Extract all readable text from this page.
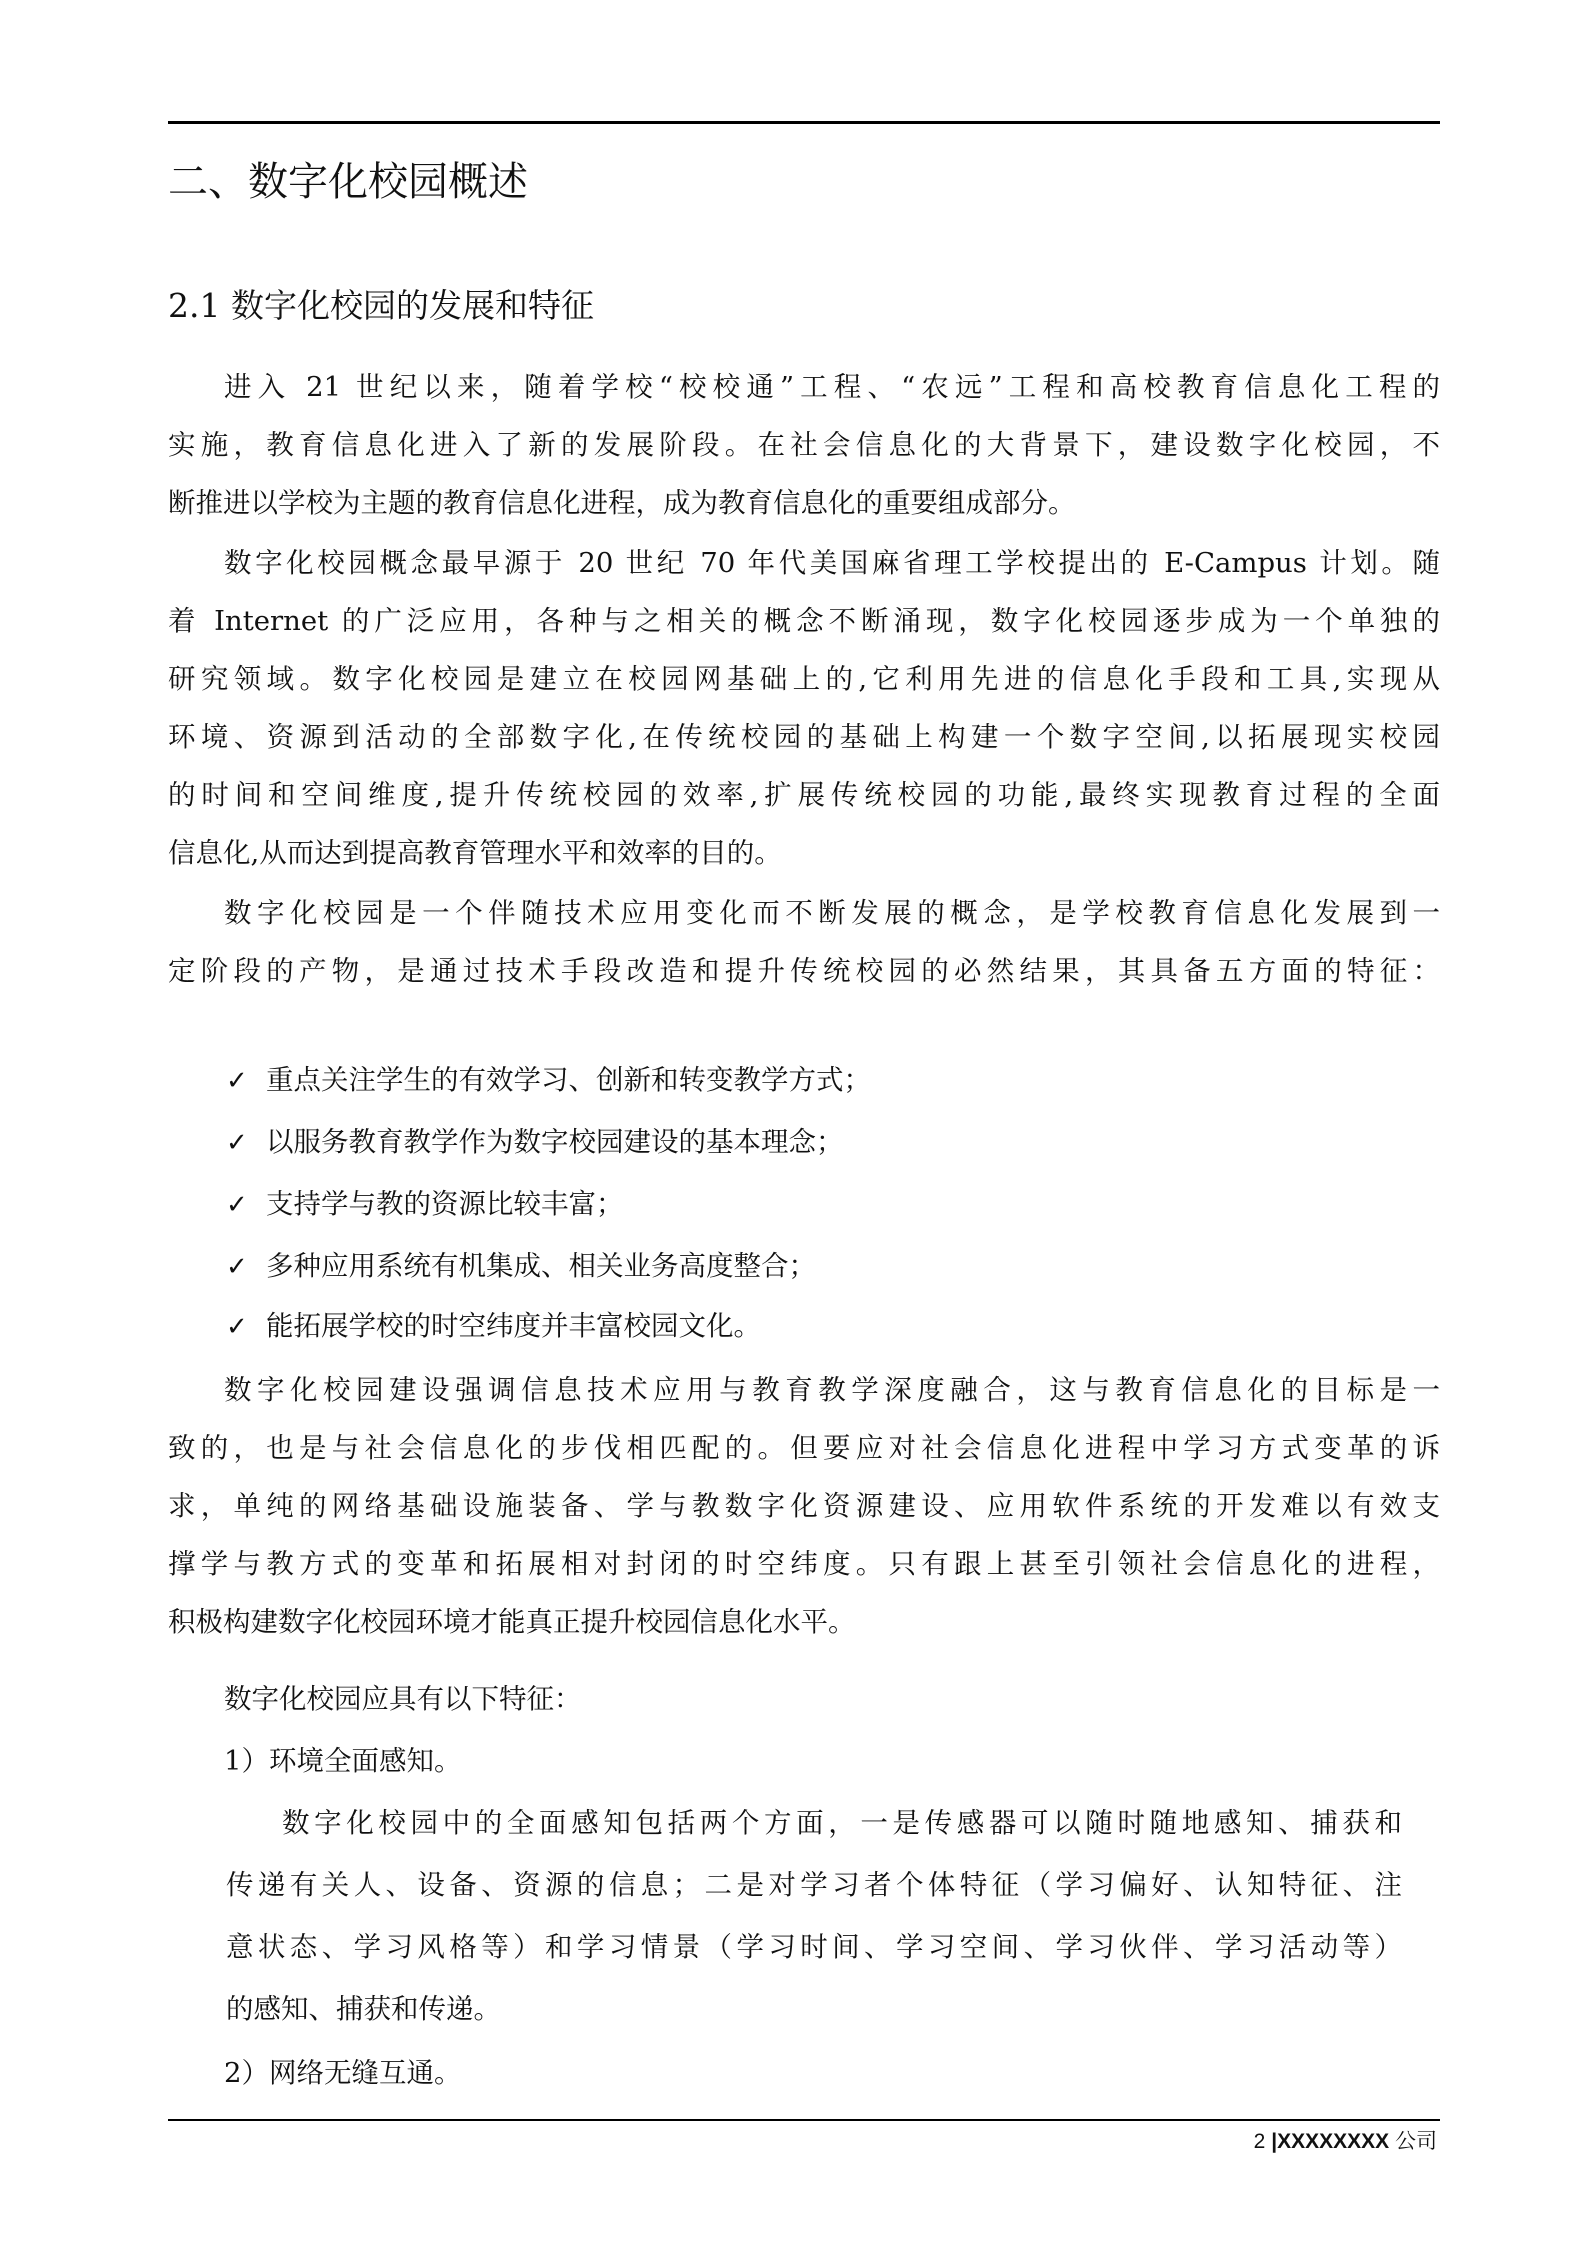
二、数字化校园概述
2.1 数字化校园的发展和特征
进入 21 世纪以来，随着学校“校校通”工程、“农远”工程和高校教育信息化工程的
实施，教育信息化进入了新的发展阶段。在社会信息化的大背景下，建设数字化校园，不
断推进以学校为主题的教育信息化进程，成为教育信息化的重要组成部分。
数字化校园概念最早源于 20 世纪 70 年代美国麻省理工学校提出的 E-Campus 计划。随
着 Internet 的广泛应用，各种与之相关的概念不断涌现，数字化校园逐步成为一个单独的
研究领域。数字化校园是建立在校园网基础上的,它利用先进的信息化手段和工具,实现从
环境、资源到活动的全部数字化,在传统校园的基础上构建一个数字空间,以拓展现实校园
的时间和空间维度,提升传统校园的效率,扩展传统校园的功能,最终实现教育过程的全面
信息化,从而达到提高教育管理水平和效率的目的。
数字化校园是一个伴随技术应用变化而不断发展的概念，是学校教育信息化发展到一
定阶段的产物，是通过技术手段改造和提升传统校园的必然结果，其具备五方面的特征：
✓ 重点关注学生的有效学习、创新和转变教学方式；
✓ 以服务教育教学作为数字校园建设的基本理念；
✓ 支持学与教的资源比较丰富；
✓ 多种应用系统有机集成、相关业务高度整合；
✓ 能拓展学校的时空纬度并丰富校园文化。
数字化校园建设强调信息技术应用与教育教学深度融合，这与教育信息化的目标是一
致的，也是与社会信息化的步伐相匹配的。但要应对社会信息化进程中学习方式变革的诉
求，单纯的网络基础设施装备、学与教数字化资源建设、应用软件系统的开发难以有效支
撑学与教方式的变革和拓展相对封闭的时空纬度。只有跟上甚至引领社会信息化的进程，
积极构建数字化校园环境才能真正提升校园信息化水平。
数字化校园应具有以下特征：
1）环境全面感知。
数字化校园中的全面感知包括两个方面，一是传感器可以随时随地感知、捕获和
传递有关人、设备、资源的信息；二是对学习者个体特征（学习偏好、认知特征、注
意状态、学习风格等）和学习情景（学习时间、学习空间、学习伙伴、学习活动等）
的感知、捕获和传递。
2）网络无缝互通。
2 |XXXXXXXX 公司
